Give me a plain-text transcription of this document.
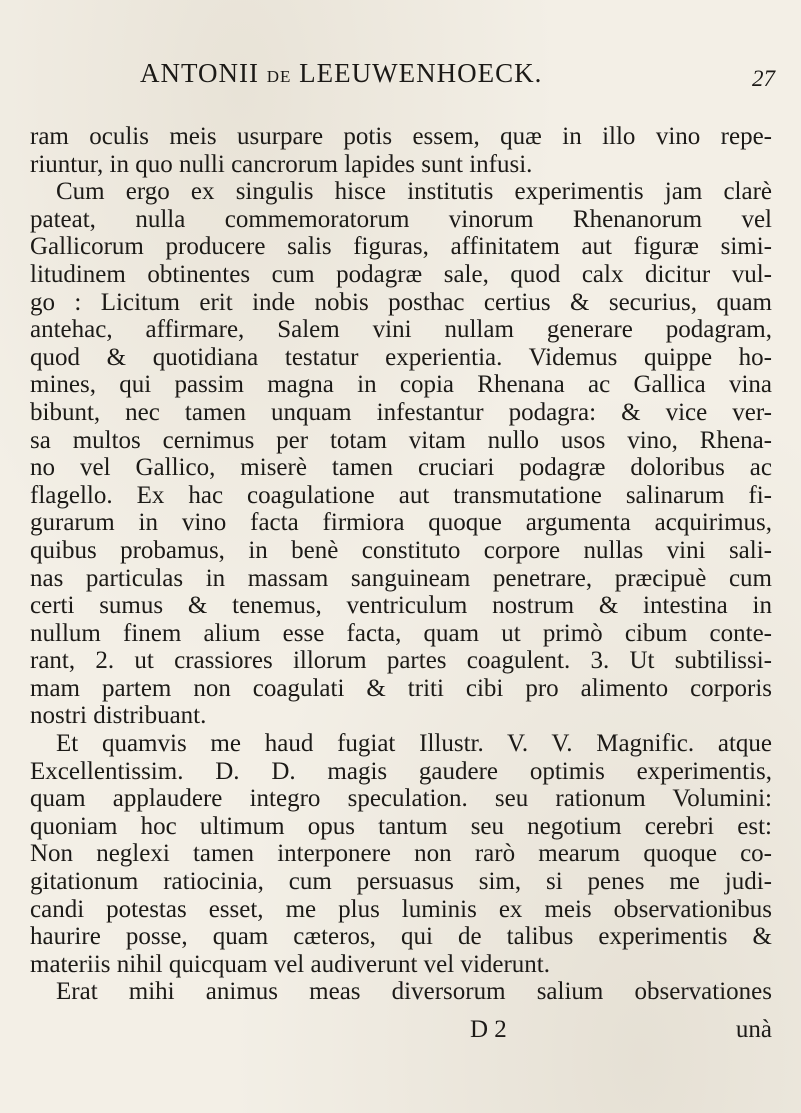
ANTONII DE LEEUWENHOECK.	27
ram oculis meis usurpare potis essem, quæ in illo vino repe-
riuntur, in quo nulli cancrorum lapides sunt infusi.
Cum ergo ex singulis hisce institutis experimentis jam clarè
pateat, nulla commemoratorum vinorum Rhenanorum vel
Gallicorum producere salis figuras, affinitatem aut figuræ simi-
litudinem obtinentes cum podagræ sale, quod calx dicitur vul-
go : Licitum erit inde nobis posthac certius & securius, quam
antehac, affirmare, Salem vini nullam generare podagram,
quod & quotidiana testatur experientia. Videmus quippe ho-
mines, qui passim magna in copia Rhenana ac Gallica vina
bibunt, nec tamen unquam infestantur podagra: & vice ver-
sa multos cernimus per totam vitam nullo usos vino, Rhena-
no vel Gallico, miserè tamen cruciari podagræ doloribus ac
flagello. Ex hac coagulatione aut transmutatione salinarum fi-
gurarum in vino facta firmiora quoque argumenta acquirimus,
quibus probamus, in benè constituto corpore nullas vini sali-
nas particulas in massam sanguineam penetrare, præcipuè cum
certi sumus & tenemus, ventriculum nostrum & intestina in
nullum finem alium esse facta, quam ut primò cibum conte-
rant, 2. ut crassiores illorum partes coagulent. 3. Ut subtilissi-
mam partem non coagulati & triti cibi pro alimento corporis
nostri distribuant.
Et quamvis me haud fugiat Illustr. V. V. Magnific. atque
Excellentissim. D. D. magis gaudere optimis experimentis,
quam applaudere integro speculation. seu rationum Volumini:
quoniam hoc ultimum opus tantum seu negotium cerebri est:
Non neglexi tamen interponere non rarò mearum quoque co-
gitationum ratiocinia, cum persuasus sim, si penes me judi-
candi potestas esset, me plus luminis ex meis observationibus
haurire posse, quam cæteros, qui de talibus experimentis &
materiis nihil quicquam vel audiverunt vel viderunt.
Erat mihi animus meas diversorum salium observationes
D 2	unà
